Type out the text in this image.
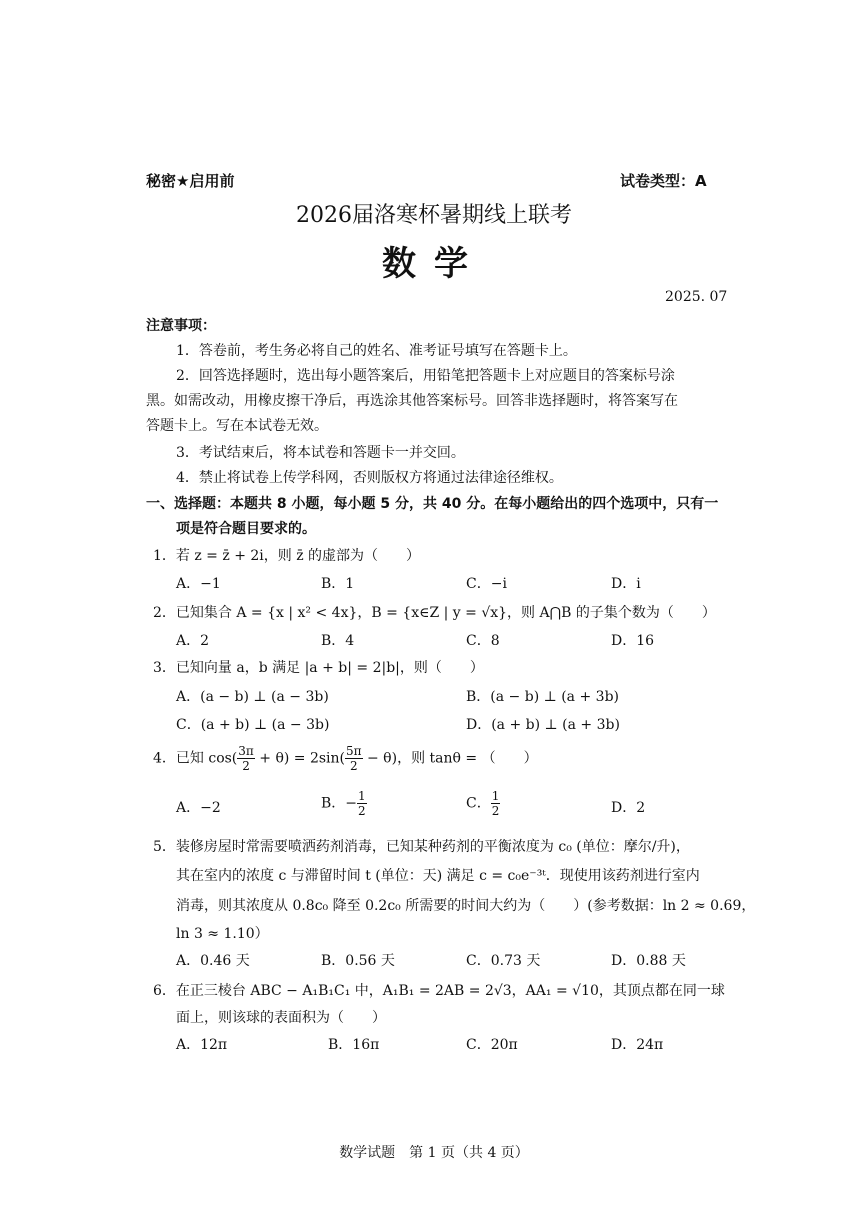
秘密★启用前	试卷类型：A
2026届洛寒杯暑期线上联考
数学
2025. 07
注意事项：
1．答卷前，考生务必将自己的姓名、准考证号填写在答题卡上。
2．回答选择题时，选出每小题答案后，用铅笔把答题卡上对应题目的答案标号涂
黑。如需改动，用橡皮擦干净后，再选涂其他答案标号。回答非选择题时，将答案写在
答题卡上。写在本试卷无效。
3．考试结束后，将本试卷和答题卡一并交回。
4．禁止将试卷上传学科网，否则版权方将通过法律途径维权。
一、选择题：本题共 8 小题，每小题 5 分，共 40 分。在每小题给出的四个选项中，只有一
项是符合题目要求的。
1．若 z = z̄ + 2i，则 z̄ 的虚部为（　　）
A．−1	B．1	C．−i	D．i
2．已知集合 A = {x | x² < 4x}，B = {x∈Z | y = √x}，则 A⋂B 的子集个数为（　　）
A．2	B．4	C．8	D．16
3．已知向量 a，b 满足 |a + b| = 2|b|，则（　　）
A．(a − b) ⊥ (a − 3b)	B．(a − b) ⊥ (a + 3b)
C．(a + b) ⊥ (a − 3b)	D．(a + b) ⊥ (a + 3b)
4．已知 $\cos( \frac{3\pi}{2} + \theta) = 2\sin( \frac{5\pi}{2} - \theta)$，则 tanθ = （　　）
A．−2	B．− $\frac{1}{2}$	C． $\frac{1}{2}$	D．2
5．装修房屋时常需要喷洒药剂消毒，已知某种药剂的平衡浓度为 c₀ (单位：摩尔/升)，
其在室内的浓度 c 与滞留时间 t (单位：天) 满足 c = c₀e⁻³ᵗ．现使用该药剂进行室内
消毒，则其浓度从 0.8c₀ 降至 0.2c₀ 所需要的时间大约为（　　）(参考数据：ln 2 ≈ 0.69，
ln 3 ≈ 1.10）
A．0.46 天	B．0.56 天	C．0.73 天	D．0.88 天
6．在正三棱台 ABC − A₁B₁C₁ 中，A₁B₁ = 2AB = 2√3，AA₁ = √10，其顶点都在同一球
面上，则该球的表面积为（　　）
A．12π	B．16π	C．20π	D．24π
数学试题　第 1 页（共 4 页）
